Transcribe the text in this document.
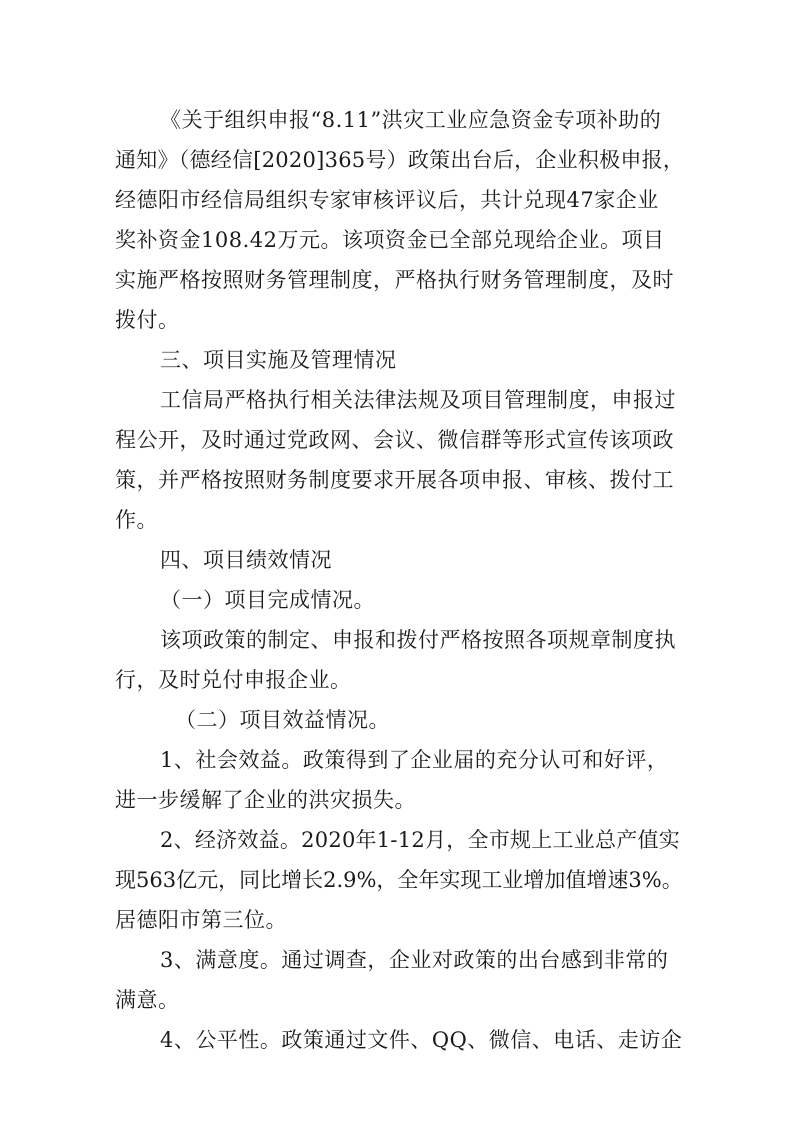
《关于组织申报“8.11”洪灾工业应急资金专项补助的
通知》（德经信[2020]365号）政策出台后，企业积极申报，
经德阳市经信局组织专家审核评议后，共计兑现47家企业
奖补资金108.42万元。该项资金已全部兑现给企业。项目
实施严格按照财务管理制度，严格执行财务管理制度，及时
拨付。
三、项目实施及管理情况
工信局严格执行相关法律法规及项目管理制度，申报过
程公开，及时通过党政网、会议、微信群等形式宣传该项政
策，并严格按照财务制度要求开展各项申报、审核、拨付工
作。
四、项目绩效情况
（一）项目完成情况。
该项政策的制定、申报和拨付严格按照各项规章制度执
行，及时兑付申报企业。
（二）项目效益情况。
1、社会效益。政策得到了企业届的充分认可和好评，
进一步缓解了企业的洪灾损失。
2、经济效益。2020年1-12月，全市规上工业总产值实
现563亿元，同比增长2.9%，全年实现工业增加值增速3%。
居德阳市第三位。
3、满意度。通过调查，企业对政策的出台感到非常的
满意。
4、公平性。政策通过文件、QQ、微信、电话、走访企
